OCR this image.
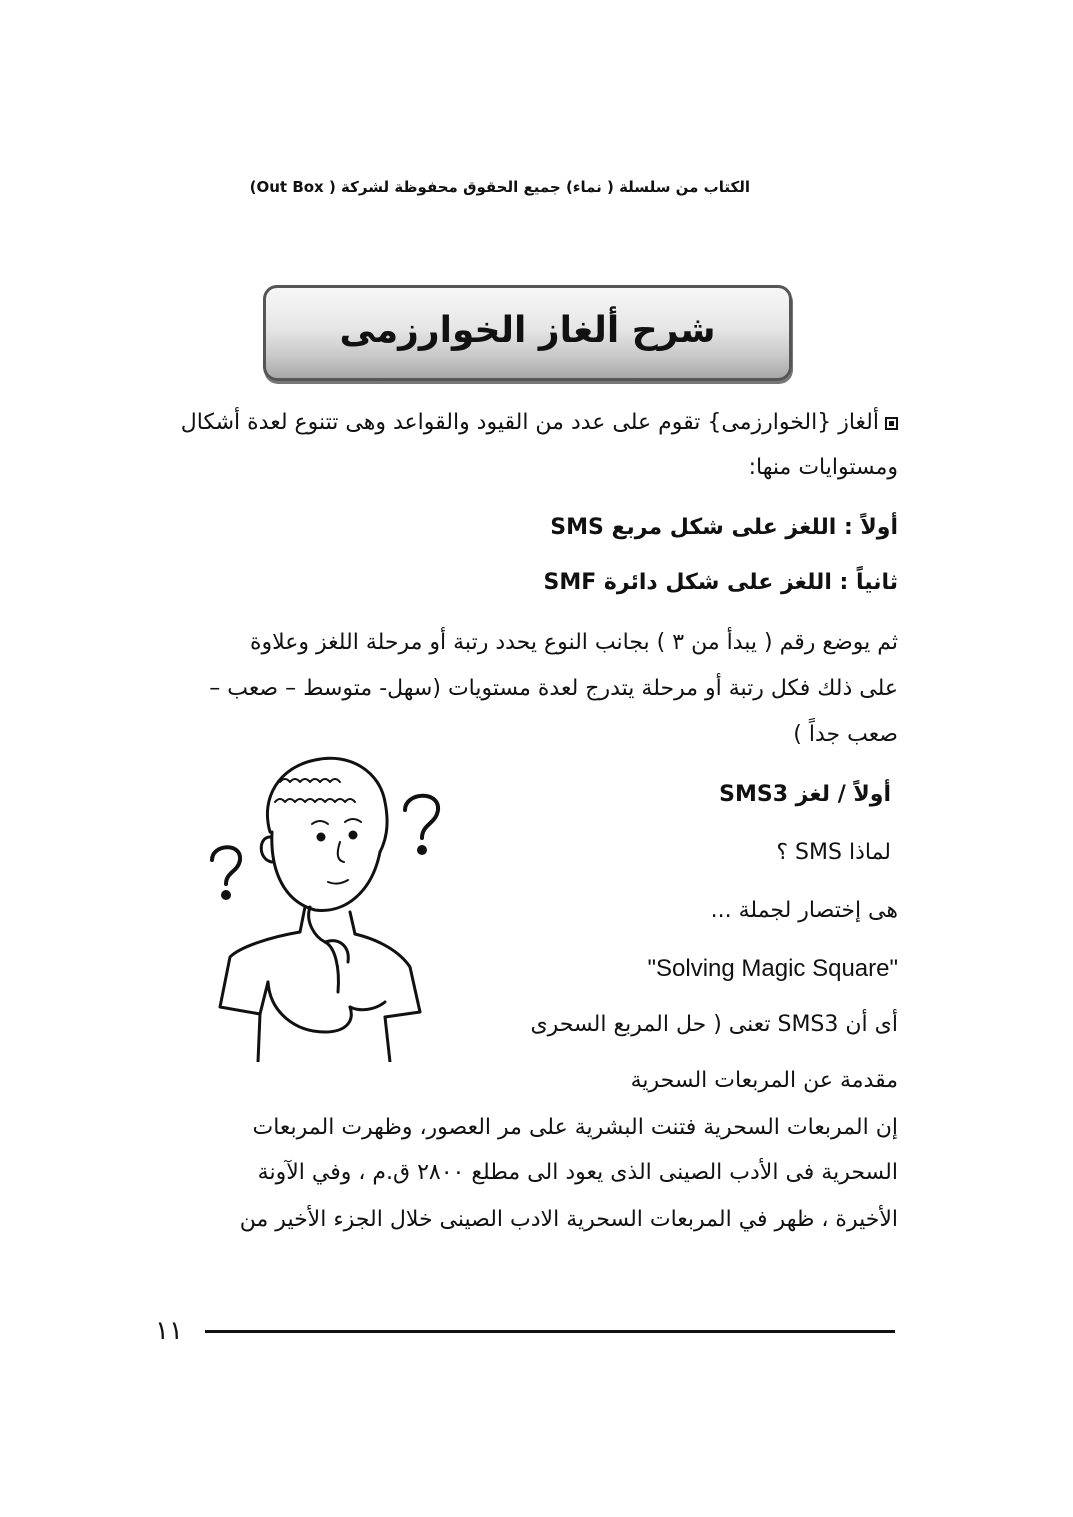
الكتاب من سلسلة ( نماء) جميع الحقوق محفوظة لشركة ( Out Box)
شرح ألغاز الخوارزمى
ألغاز {الخوارزمى} تقوم على عدد من القيود والقواعد وهى تتنوع لعدة أشكال
ومستوايات منها:
أولاً : اللغز على شكل مربع SMS
ثانياً : اللغز على شكل دائرة SMF
ثم يوضع رقم ( يبدأ من ٣ ) بجانب النوع يحدد رتبة أو مرحلة اللغز وعلاوة
على ذلك فكل رتبة أو مرحلة يتدرج لعدة مستويات (سهل- متوسط – صعب –
صعب جداً )
أولاً / لغز SMS3
لماذا SMS ؟
هى إختصار لجملة ...
"Solving Magic Square"
أى أن SMS3 تعنى ( حل المربع السحرى
مقدمة عن المربعات السحرية
إن المربعات السحرية فتنت البشرية على مر العصور، وظهرت المربعات
السحرية فى الأدب الصينى الذى يعود الى مطلع ٢٨٠٠ ق.م ، وفي الآونة
الأخيرة ، ظهر في المربعات السحرية الادب الصينى خلال الجزء الأخير من
١١
